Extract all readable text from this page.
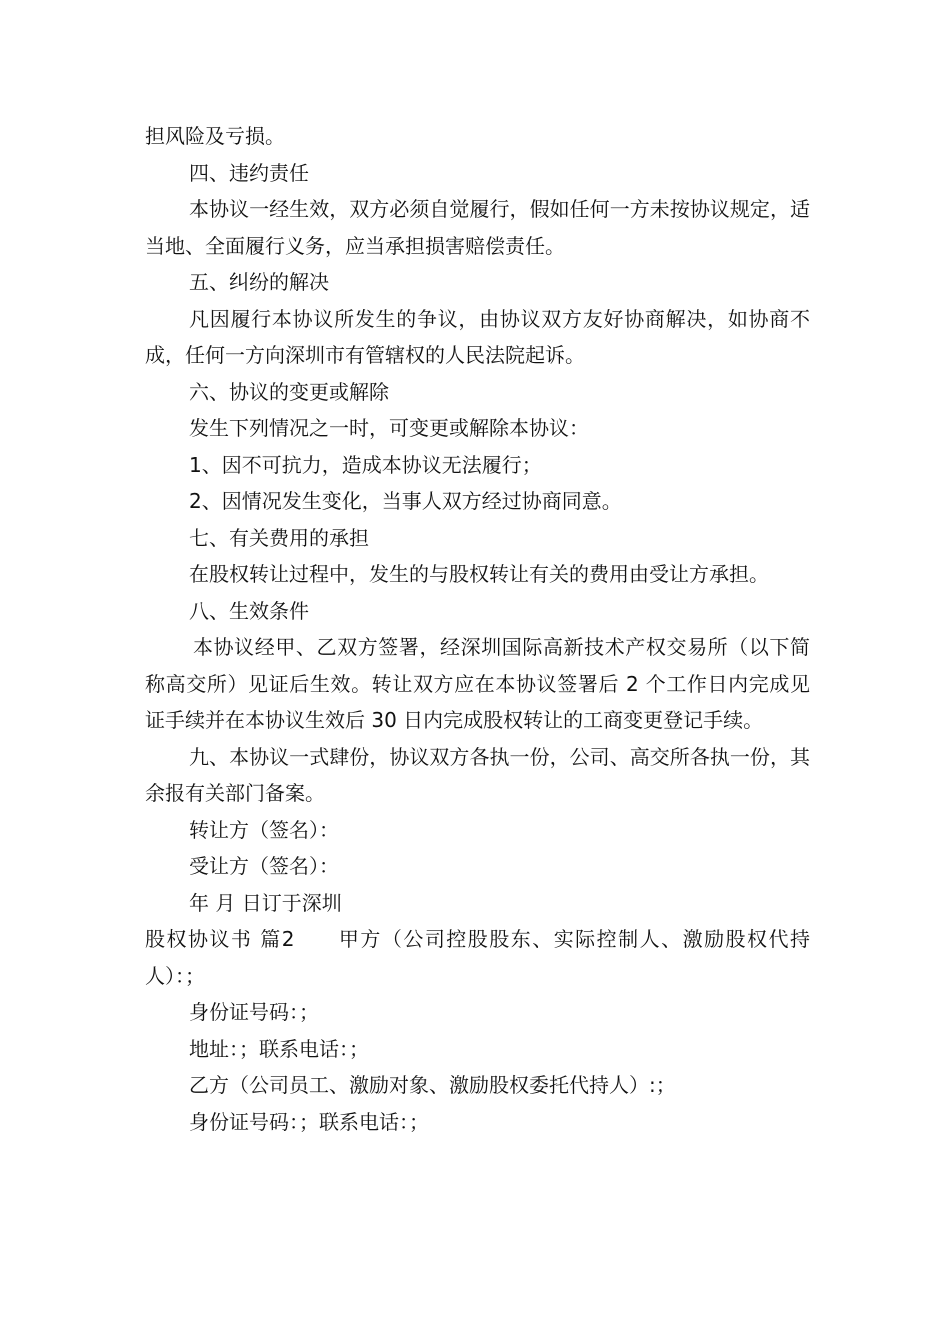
担风险及亏损。

四、违约责任

本协议一经生效，双方必须自觉履行，假如任何一方未按协议规定，适当地、全面履行义务，应当承担损害赔偿责任。

五、纠纷的解决

凡因履行本协议所发生的争议，由协议双方友好协商解决，如协商不成，任何一方向深圳市有管辖权的人民法院起诉。

六、协议的变更或解除

发生下列情况之一时，可变更或解除本协议：

1、因不可抗力，造成本协议无法履行；

2、因情况发生变化，当事人双方经过协商同意。

七、有关费用的承担

在股权转让过程中，发生的与股权转让有关的费用由受让方承担。

八、生效条件

本协议经甲、乙双方签署，经深圳国际高新技术产权交易所（以下简称高交所）见证后生效。转让双方应在本协议签署后 2 个工作日内完成见证手续并在本协议生效后 30 日内完成股权转让的工商变更登记手续。

九、本协议一式肆份，协议双方各执一份，公司、高交所各执一份，其余报有关部门备案。

转让方（签名）：

受让方（签名）：

年 月 日订于深圳

股权协议书 篇2　　甲方（公司控股股东、实际控制人、激励股权代持人）：；

身份证号码：；

地址：；联系电话：；

乙方（公司员工、激励对象、激励股权委托代持人）:；

身份证号码：；联系电话：；
